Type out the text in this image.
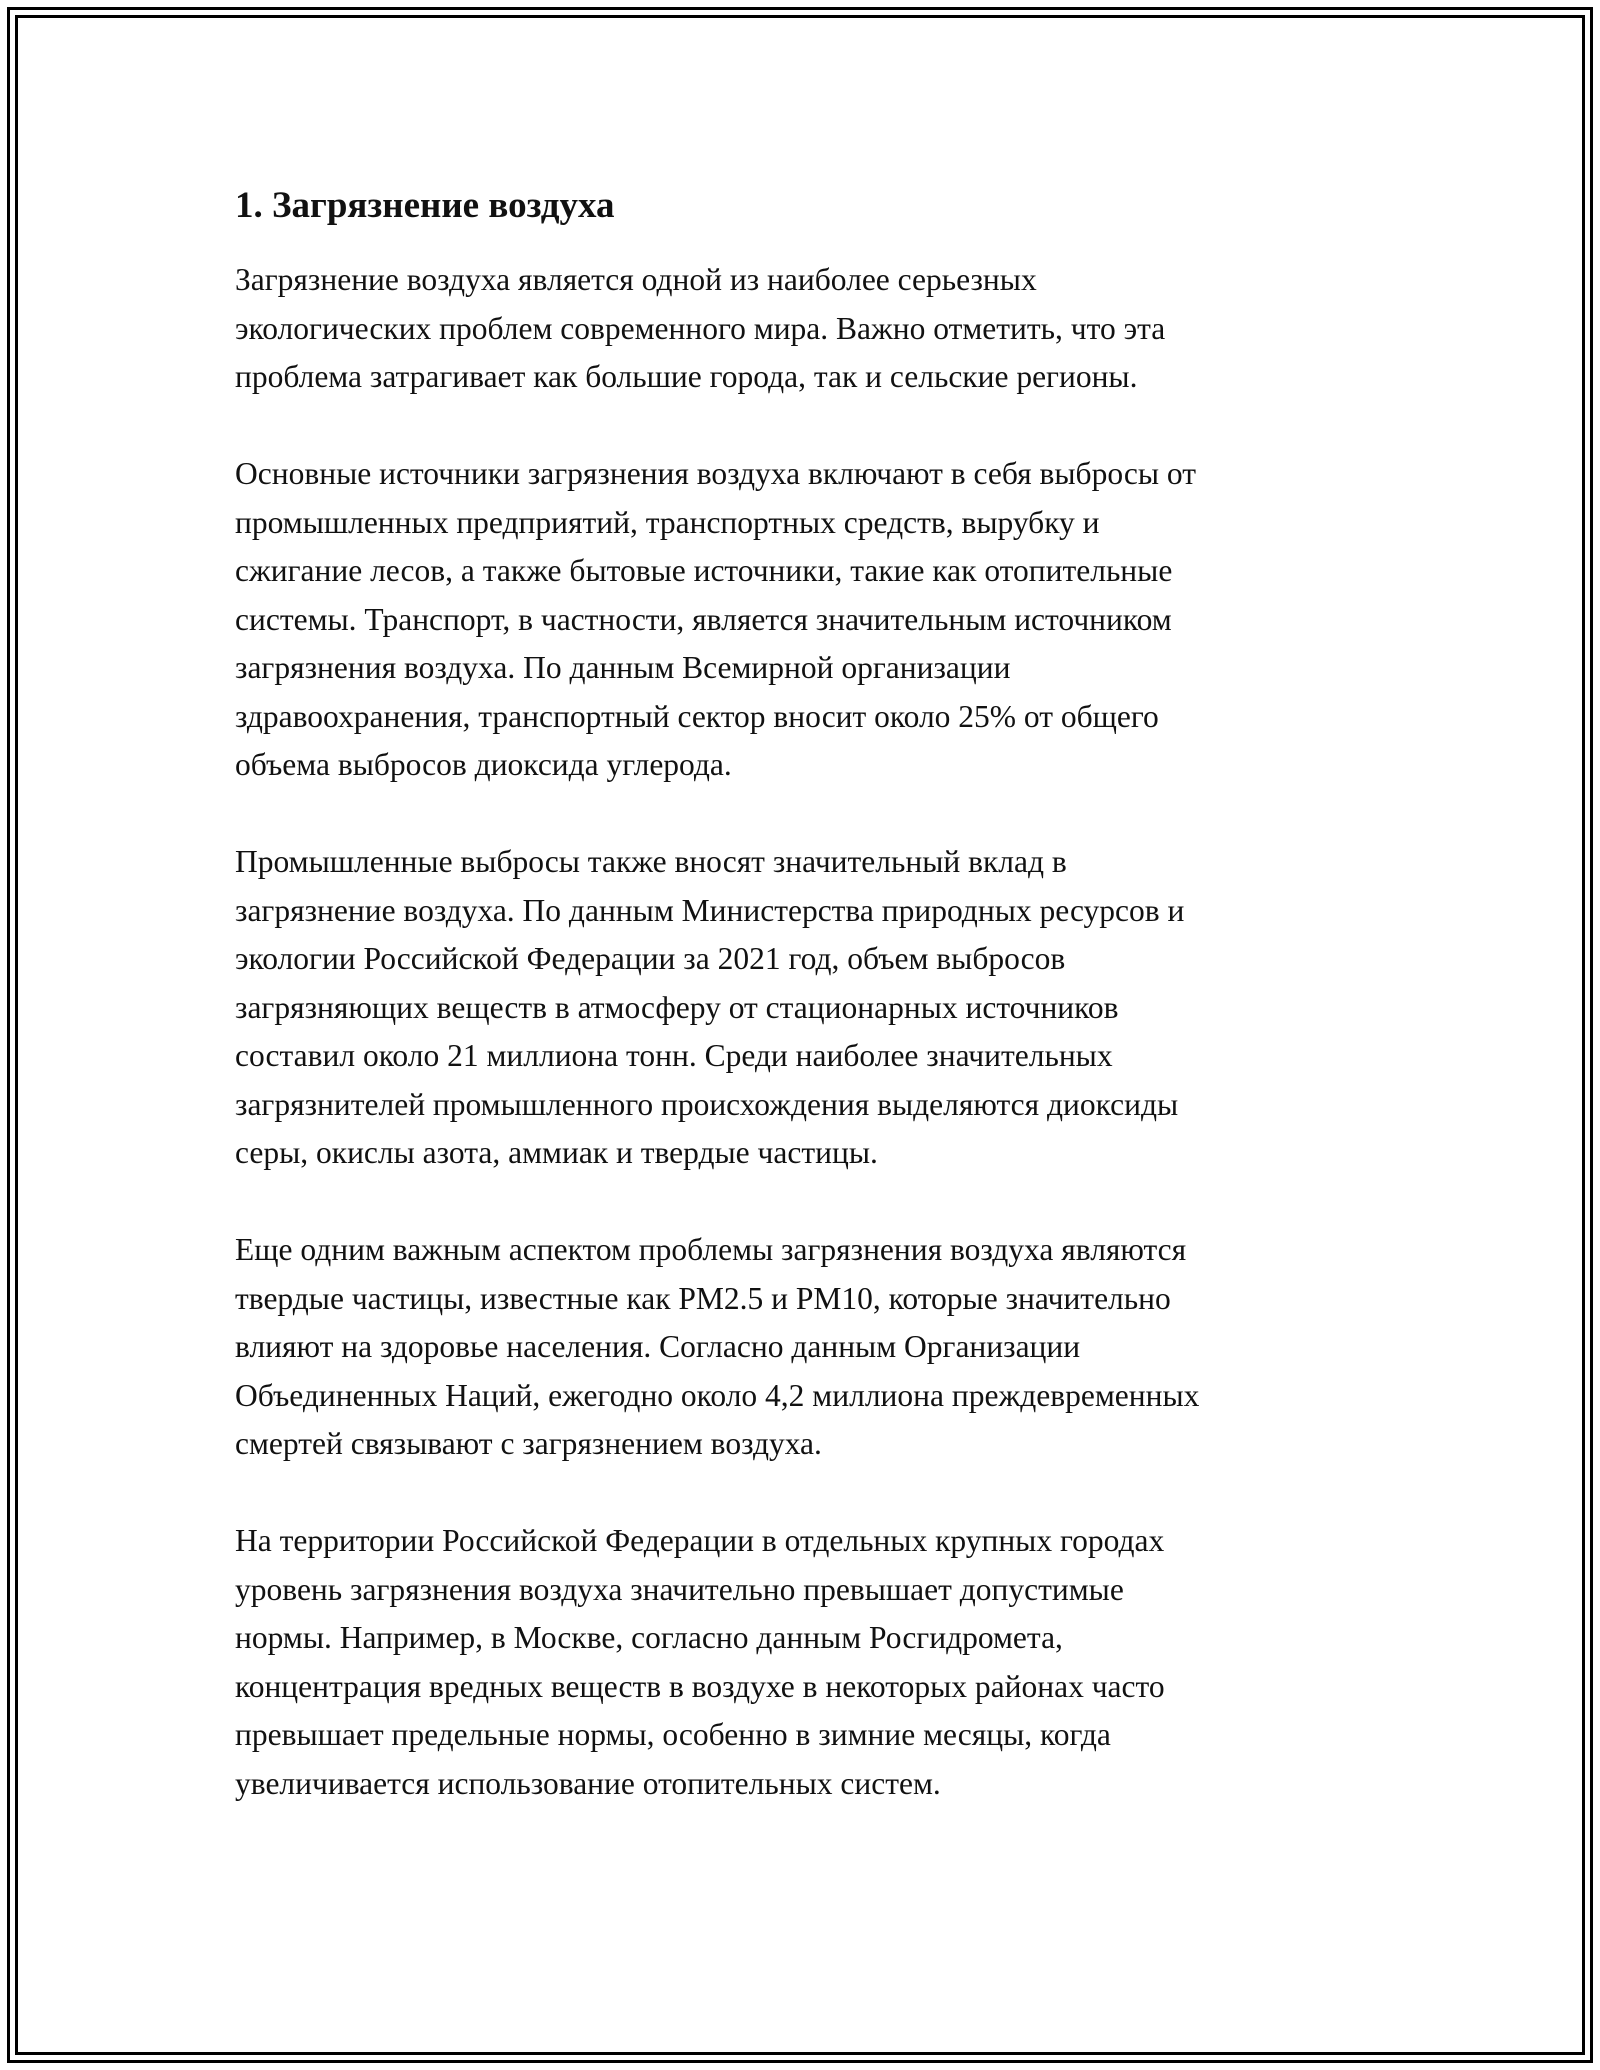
1. Загрязнение воздуха
Загрязнение воздуха является одной из наиболее серьезных
экологических проблем современного мира. Важно отметить, что эта
проблема затрагивает как большие города, так и сельские регионы.
Основные источники загрязнения воздуха включают в себя выбросы от
промышленных предприятий, транспортных средств, вырубку и
сжигание лесов, а также бытовые источники, такие как отопительные
системы. Транспорт, в частности, является значительным источником
загрязнения воздуха. По данным Всемирной организации
здравоохранения, транспортный сектор вносит около 25% от общего
объема выбросов диоксида углерода.
Промышленные выбросы также вносят значительный вклад в
загрязнение воздуха. По данным Министерства природных ресурсов и
экологии Российской Федерации за 2021 год, объем выбросов
загрязняющих веществ в атмосферу от стационарных источников
составил около 21 миллиона тонн. Среди наиболее значительных
загрязнителей промышленного происхождения выделяются диоксиды
серы, окислы азота, аммиак и твердые частицы.
Еще одним важным аспектом проблемы загрязнения воздуха являются
твердые частицы, известные как PM2.5 и PM10, которые значительно
влияют на здоровье населения. Согласно данным Организации
Объединенных Наций, ежегодно около 4,2 миллиона преждевременных
смертей связывают с загрязнением воздуха.
На территории Российской Федерации в отдельных крупных городах
уровень загрязнения воздуха значительно превышает допустимые
нормы. Например, в Москве, согласно данным Росгидромета,
концентрация вредных веществ в воздухе в некоторых районах часто
превышает предельные нормы, особенно в зимние месяцы, когда
увеличивается использование отопительных систем.
